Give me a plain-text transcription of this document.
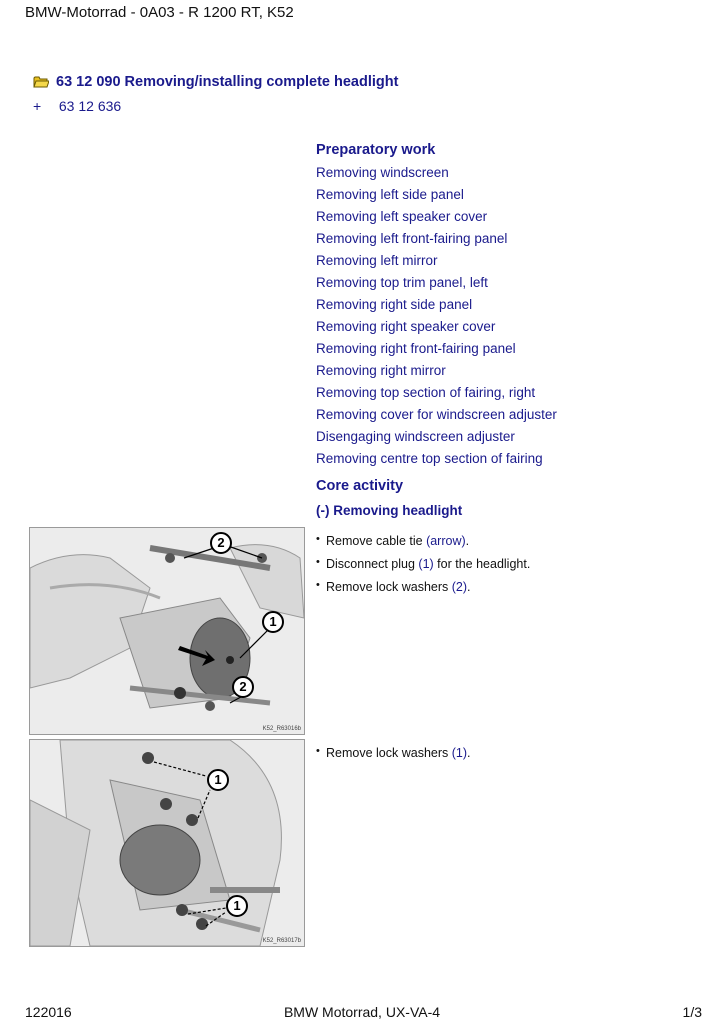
BMW-Motorrad - 0A03 - R 1200 RT, K52
63 12 090 Removing/installing complete headlight
+ 63 12 636
Preparatory work
Removing windscreen
Removing left side panel
Removing left speaker cover
Removing left front-fairing panel
Removing left mirror
Removing top trim panel, left
Removing right side panel
Removing right speaker cover
Removing right front-fairing panel
Removing right mirror
Removing top section of fairing, right
Removing cover for windscreen adjuster
Disengaging windscreen adjuster
Removing centre top section of fairing
Core activity
(-) Removing headlight
2
1
2
K52_R63016b
• Remove cable tie (arrow).
• Disconnect plug (1) for the headlight.
• Remove lock washers (2).
1
1
K52_R63017b
• Remove lock washers (1).
122016	BMW Motorrad, UX-VA-4	1/3
